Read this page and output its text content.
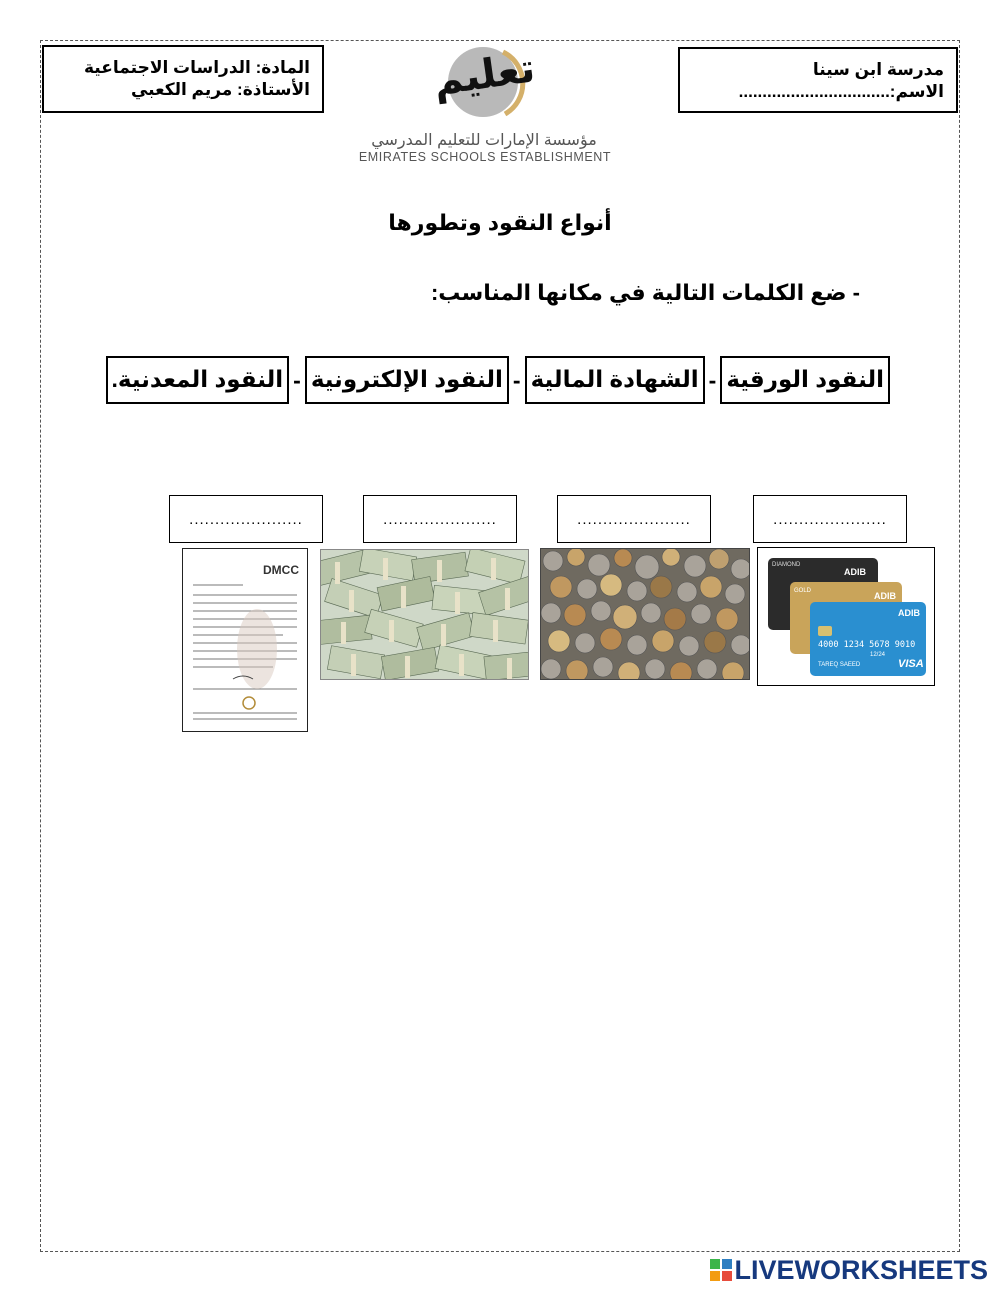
مدرسة ابن سينا
الاسم:................................
المادة: الدراسات الاجتماعية
الأستاذة: مريم الكعبي	تعليم
مؤسسة الإمارات للتعليم المدرسي
EMIRATES SCHOOLS ESTABLISHMENT
أنواع النقود وتطورها
- ضع الكلمات التالية في مكانها المناسب:
النقود الورقية
-
الشهادة المالية
-
النقود الإلكترونية
-
النقود المعدنية.
......................
......................
......................
......................
DIAMOND
ADIB
GOLD	ADIB
ADIB
4000 1234 5678 9010
12/24
TAREQ SAEED	VISA
DMCC
LIVEWORKSHEETS
